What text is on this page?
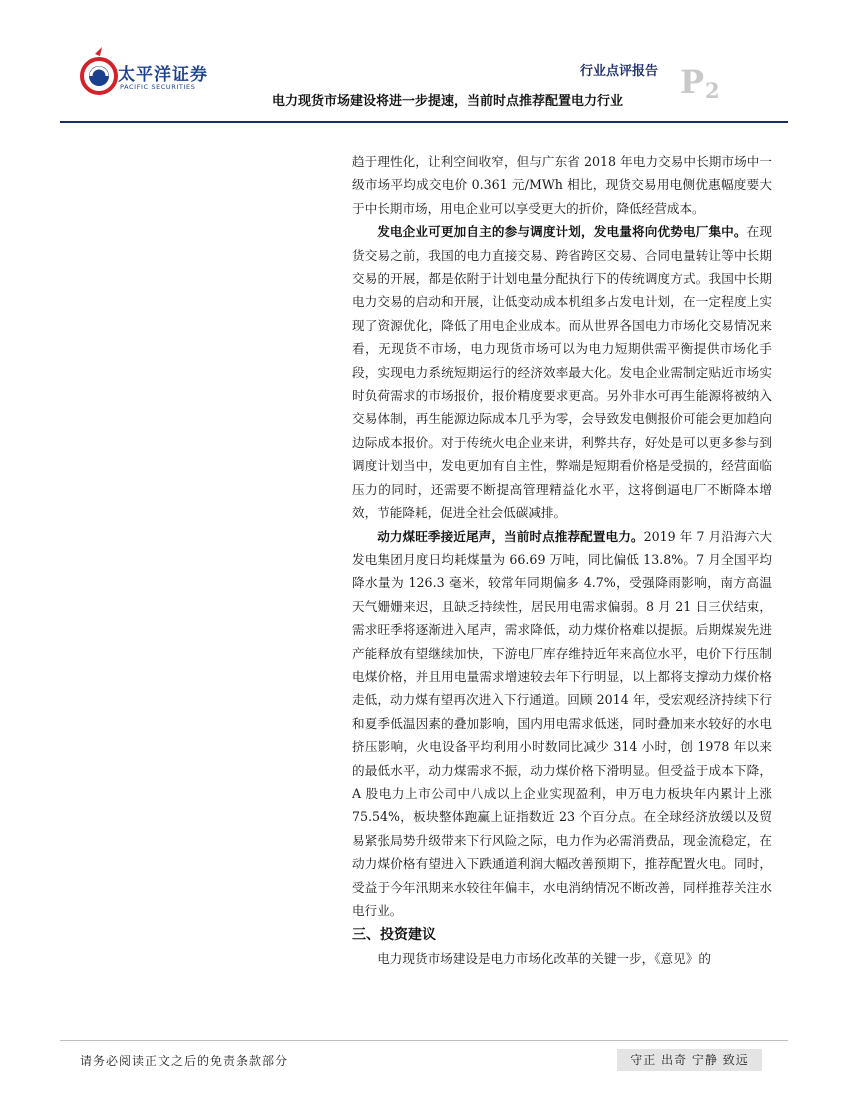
太平洋证券
PACIFIC SECURITIES
行业点评报告
电力现货市场建设将进一步提速，当前时点推荐配置电力行业
P 2

趋于理性化，让利空间收窄，但与广东省 2018 年电力交易中长期市场中一级市场平均成交电价 0.361 元/MWh 相比，现货交易用电侧优惠幅度要大于中长期市场，用电企业可以享受更大的折价，降低经营成本。

发电企业可更加自主的参与调度计划，发电量将向优势电厂集中。在现货交易之前，我国的电力直接交易、跨省跨区交易、合同电量转让等中长期交易的开展，都是依附于计划电量分配执行下的传统调度方式。我国中长期电力交易的启动和开展，让低变动成本机组多占发电计划，在一定程度上实现了资源优化，降低了用电企业成本。而从世界各国电力市场化交易情况来看，无现货不市场，电力现货市场可以为电力短期供需平衡提供市场化手段，实现电力系统短期运行的经济效率最大化。发电企业需制定贴近市场实时负荷需求的市场报价，报价精度要求更高。另外非水可再生能源将被纳入交易体制，再生能源边际成本几乎为零，会导致发电侧报价可能会更加趋向边际成本报价。对于传统火电企业来讲，利弊共存，好处是可以更多参与到调度计划当中，发电更加有自主性，弊端是短期看价格是受损的，经营面临压力的同时，还需要不断提高管理精益化水平，这将倒逼电厂不断降本增效，节能降耗，促进全社会低碳减排。

动力煤旺季接近尾声，当前时点推荐配置电力。2019 年 7 月沿海六大发电集团月度日均耗煤量为 66.69 万吨，同比偏低 13.8%。7 月全国平均降水量为 126.3 毫米，较常年同期偏多 4.7%，受强降雨影响，南方高温天气姗姗来迟，且缺乏持续性，居民用电需求偏弱。8 月 21 日三伏结束，需求旺季将逐渐进入尾声，需求降低，动力煤价格难以提振。后期煤炭先进产能释放有望继续加快，下游电厂库存维持近年来高位水平，电价下行压制电煤价格，并且用电量需求增速较去年下行明显，以上都将支撑动力煤价格走低，动力煤有望再次进入下行通道。回顾 2014 年，受宏观经济持续下行和夏季低温因素的叠加影响，国内用电需求低迷，同时叠加来水较好的水电挤压影响，火电设备平均利用小时数同比减少 314 小时，创 1978 年以来的最低水平，动力煤需求不振，动力煤价格下滑明显。但受益于成本下降，A 股电力上市公司中八成以上企业实现盈利，申万电力板块年内累计上涨 75.54%，板块整体跑赢上证指数近 23 个百分点。在全球经济放缓以及贸易紧张局势升级带来下行风险之际，电力作为必需消费品，现金流稳定，在动力煤价格有望进入下跌通道利润大幅改善预期下，推荐配置火电。同时，受益于今年汛期来水较往年偏丰，水电消纳情况不断改善，同样推荐关注水电行业。

三、投资建议

电力现货市场建设是电力市场化改革的关键一步，《意见》的

请务必阅读正文之后的免责条款部分	守正 出奇 宁静 致远
